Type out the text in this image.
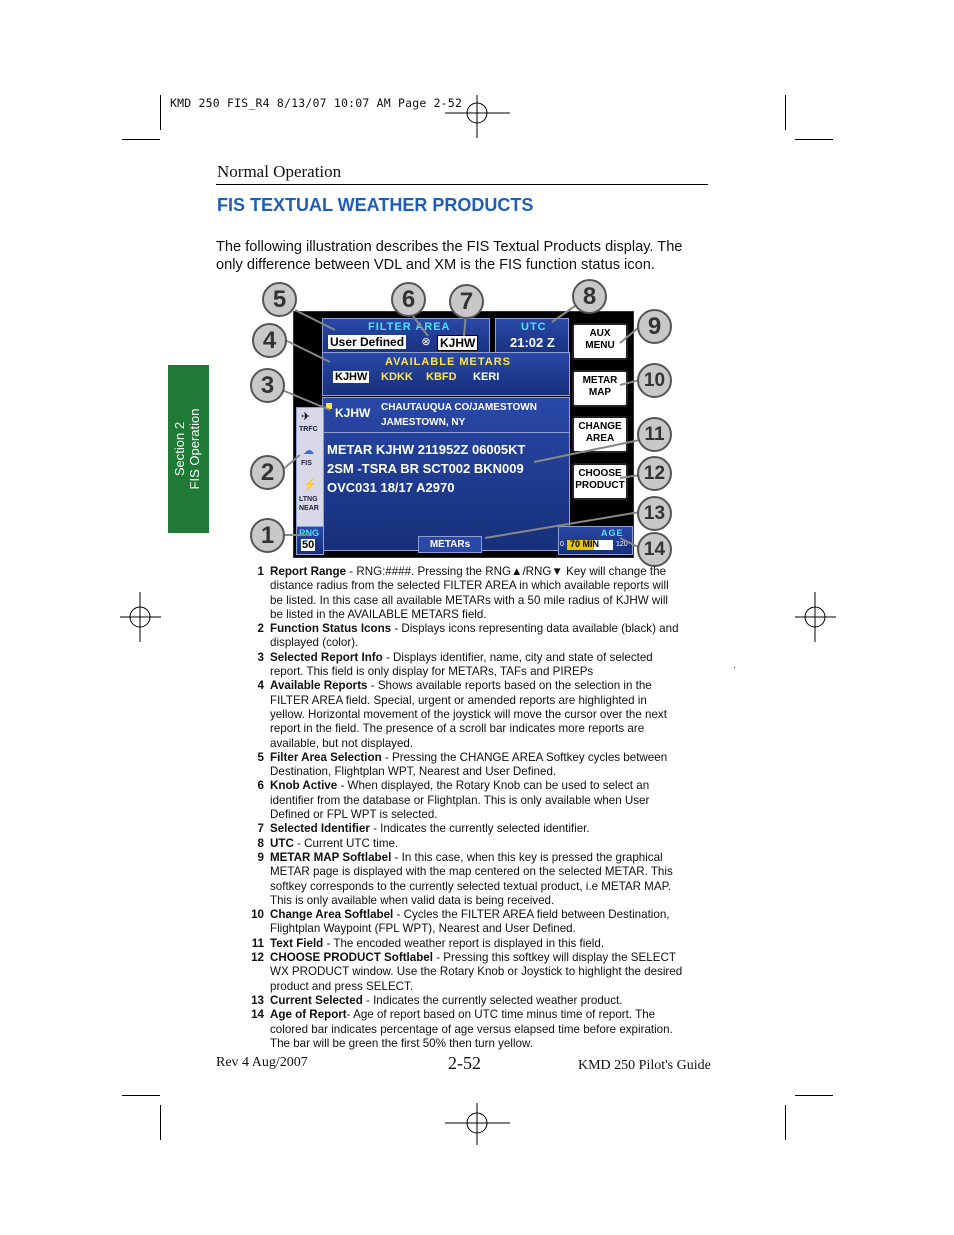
KMD 250 FIS_R4 8/13/07 10:07 AM Page 2-52
Normal Operation
FIS TEXTUAL WEATHER PRODUCTS
The following illustration describes the FIS Textual Products display. The only difference between VDL and XM is the FIS function status icon.
Section 2 FIS Operation
FILTER AREA
User Defined ⊗ KJHW
UTC
21:02 Z
AVAILABLE METARS
KJHW KDKK KBFD KERI
KJHW CHAUTAUQUA CO/JAMESTOWN
JAMESTOWN, NY
METAR KJHW 211952Z 06005KT
2SM -TSRA BR SCT002 BKN009
OVC031 18/17 A2970
✈
TRFC
☁
FIS
⚡
LTNG
NEAR
RNG
50	METARs
AGE
0 70 MIN 120
AUX
MENU
METAR
MAP
CHANGE
AREA
CHOOSE
PRODUCT
1
2
3
4
5	6	7	8
9
10
11
12
13
14
1 Report Range - RNG:####. Pressing the RNG▲/RNG▼ Key will change the distance radius from the selected FILTER AREA in which available reports will be listed. In this case all available METARs with a 50 mile radius of KJHW will be listed in the AVAILABLE METARS field.
2 Function Status Icons - Displays icons representing data available (black) and displayed (color).
3 Selected Report Info - Displays identifier, name, city and state of selected report. This field is only display for METARs, TAFs and PIREPs
4 Available Reports - Shows available reports based on the selection in the FILTER AREA field. Special, urgent or amended reports are highlighted in yellow. Horizontal movement of the joystick will move the cursor over the next report in the field. The presence of a scroll bar indicates more reports are available, but not displayed.
5 Filter Area Selection - Pressing the CHANGE AREA Softkey cycles between Destination, Flightplan WPT, Nearest and User Defined.
6 Knob Active - When displayed, the Rotary Knob can be used to select an identifier from the database or Flightplan. This is only available when User Defined or FPL WPT is selected.
7 Selected Identifier - Indicates the currently selected identifier.
8 UTC - Current UTC time.
9 METAR MAP Softlabel - In this case, when this key is pressed the graphical METAR page is displayed with the map centered on the selected METAR. This softkey corresponds to the currently selected textual product, i.e METAR MAP. This is only available when valid data is being received.
10 Change Area Softlabel - Cycles the FILTER AREA field between Destination, Flightplan Waypoint (FPL WPT), Nearest and User Defined.
11 Text Field - The encoded weather report is displayed in this field.
12 CHOOSE PRODUCT Softlabel - Pressing this softkey will display the SELECT WX PRODUCT window. Use the Rotary Knob or Joystick to highlight the desired product and press SELECT.
13 Current Selected - Indicates the currently selected weather product.
14 Age of Report- Age of report based on UTC time minus time of report. The colored bar indicates percentage of age versus elapsed time before expiration. The bar will be green the first 50% then turn yellow.
.
Rev 4 Aug/2007	2-52	KMD 250 Pilot's Guide
